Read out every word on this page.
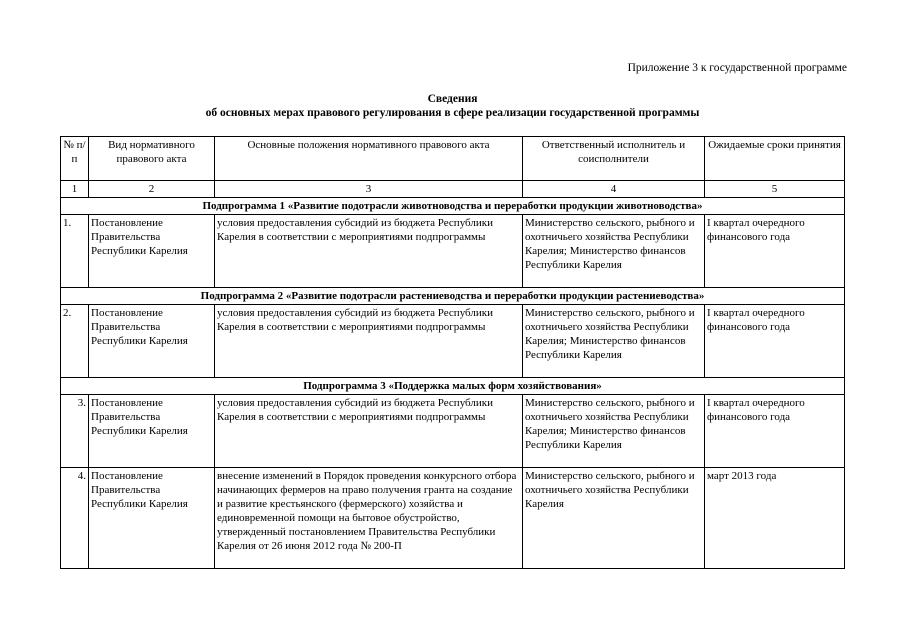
Приложение 3 к государственной программе
Сведения
об основных мерах правового регулирования в сфере реализации государственной программы
№ п/п	Вид нормативного правового акта	Основные положения нормативного правового акта	Ответственный исполнитель и соисполнители	Ожидаемые сроки принятия
1	2	3	4	5
Подпрограмма 1 «Развитие подотрасли животноводства и переработки продукции животноводства»				
1.	Постановление Правительства Республики Карелия	условия предоставления субсидий из бюджета Республики Карелия в соответствии с мероприятиями подпрограммы	Министерство сельского, рыбного и охотничьего хозяйства Республики Карелия; Министерство финансов Республики Карелия	I квартал очередного финансового года
Подпрограмма 2 «Развитие подотрасли растениеводства и переработки продукции растениеводства»				
2.	Постановление Правительства Республики Карелия	условия предоставления субсидий из бюджета Республики Карелия в соответствии с мероприятиями подпрограммы	Министерство сельского, рыбного и охотничьего хозяйства Республики Карелия; Министерство финансов Республики Карелия	I квартал очередного финансового года
Подпрограмма 3 «Поддержка малых форм хозяйствования»				
3.	Постановление Правительства Республики Карелия	условия предоставления субсидий из бюджета Республики Карелия в соответствии с мероприятиями подпрограммы	Министерство сельского, рыбного и охотничьего хозяйства Республики Карелия; Министерство финансов Республики Карелия	I квартал очередного финансового года
4.	Постановление Правительства Республики Карелия	внесение изменений в Порядок проведения конкурсного отбора начинающих фермеров на право получения гранта на создание и развитие крестьянского (фермерского) хозяйства и единовременной помощи на бытовое обустройство, утвержденный постановлением Правительства Республики Карелия от 26 июня 2012 года № 200-П	Министерство сельского, рыбного и охотничьего хозяйства Республики Карелия	март 2013 года
